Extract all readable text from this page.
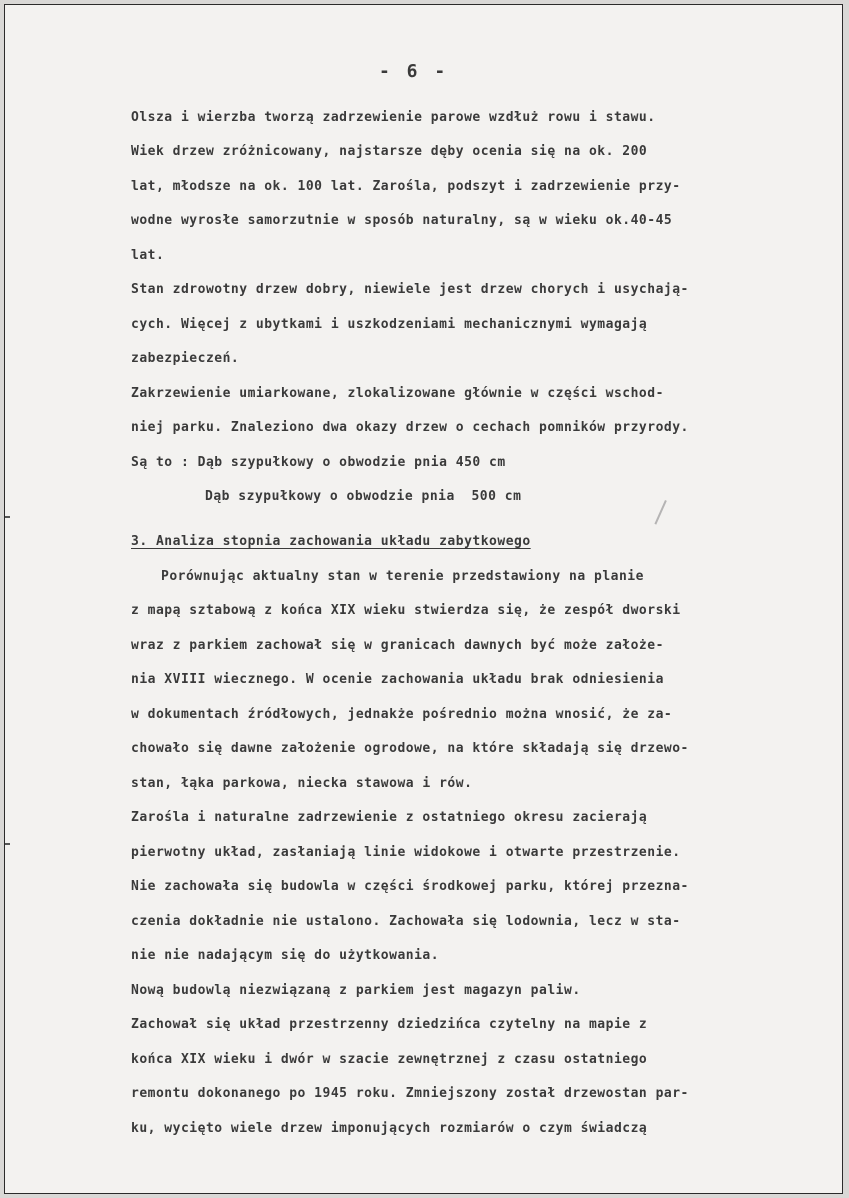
- 6 -
Olsza i wierzba tworzą zadrzewienie parowe wzdłuż rowu i stawu.
Wiek drzew zróżnicowany, najstarsze dęby ocenia się na ok. 200
lat, młodsze na ok. 100 lat. Zarośla, podszyt i zadrzewienie przy-
wodne wyrosłe samorzutnie w sposób naturalny, są w wieku ok.40-45
lat.
Stan zdrowotny drzew dobry, niewiele jest drzew chorych i usychają-
cych. Więcej z ubytkami i uszkodzeniami mechanicznymi wymagają
zabezpieczeń.
Zakrzewienie umiarkowane, zlokalizowane głównie w części wschod-
niej parku. Znaleziono dwa okazy drzew o cechach pomników przyrody.
Są to : Dąb szypułkowy o obwodzie pnia 450 cm
Dąb szypułkowy o obwodzie pnia  500 cm
3. Analiza stopnia zachowania układu zabytkowego
Porównując aktualny stan w terenie przedstawiony na planie
z mapą sztabową z końca XIX wieku stwierdza się, że zespół dworski
wraz z parkiem zachował się w granicach dawnych być może założe-
nia XVIII wiecznego. W ocenie zachowania układu brak odniesienia
w dokumentach źródłowych, jednakże pośrednio można wnosić, że za-
chowało się dawne założenie ogrodowe, na które składają się drzewo-
stan, łąka parkowa, niecka stawowa i rów.
Zarośla i naturalne zadrzewienie z ostatniego okresu zacierają
pierwotny układ, zasłaniają linie widokowe i otwarte przestrzenie.
Nie zachowała się budowla w części środkowej parku, której przezna-
czenia dokładnie nie ustalono. Zachowała się lodownia, lecz w sta-
nie nie nadającym się do użytkowania.
Nową budowlą niezwiązaną z parkiem jest magazyn paliw.
Zachował się układ przestrzenny dziedzińca czytelny na mapie z
końca XIX wieku i dwór w szacie zewnętrznej z czasu ostatniego
remontu dokonanego po 1945 roku. Zmniejszony został drzewostan par-
ku, wycięto wiele drzew imponujących rozmiarów o czym świadczą
